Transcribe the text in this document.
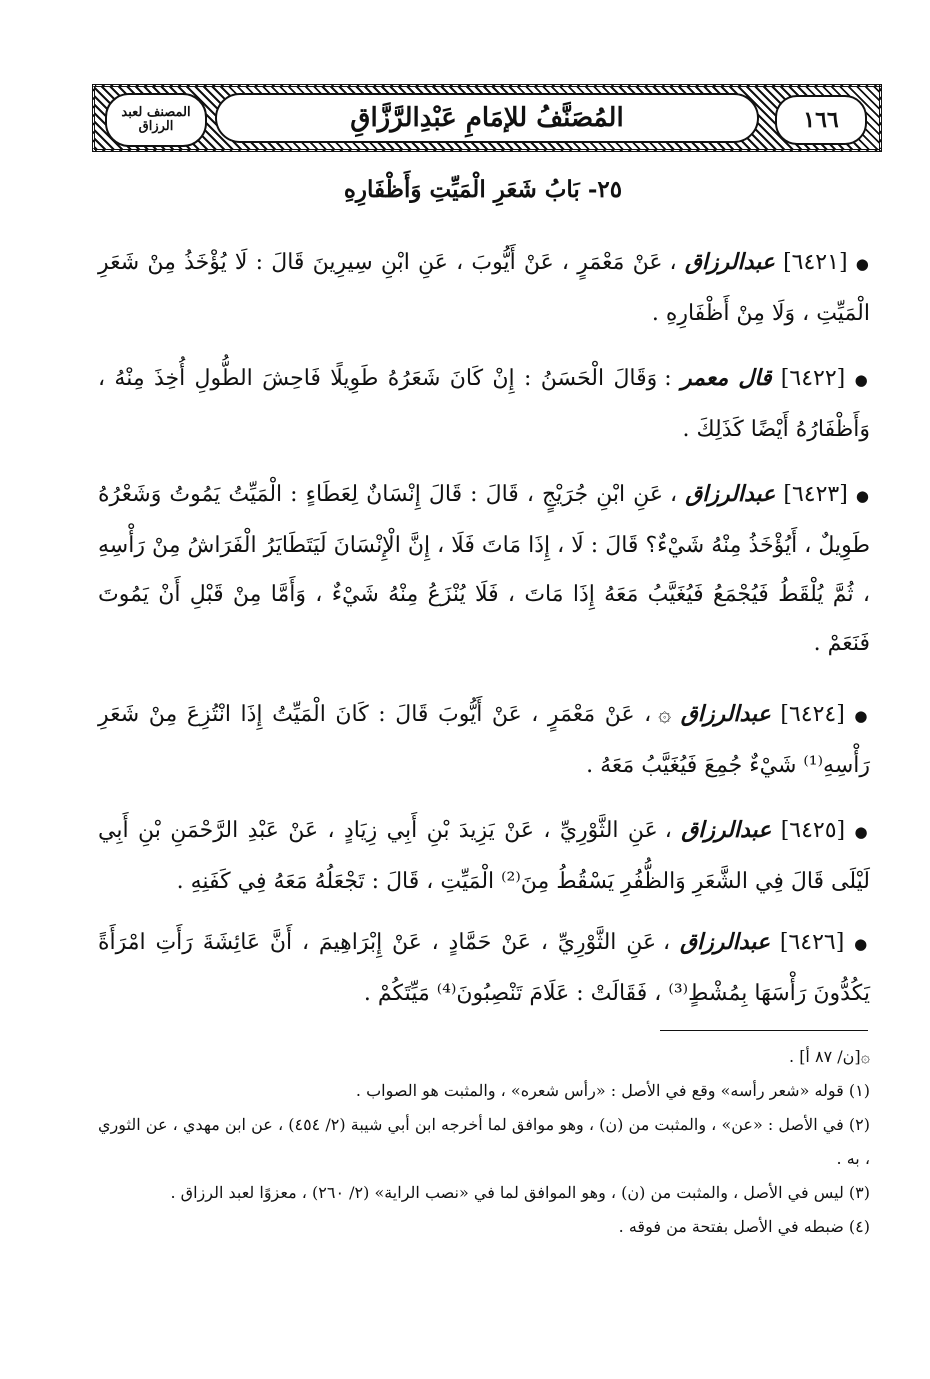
١٦٦
المُصَنَّفُ للإمَامِ عَبْدِالرَّزَّاقِ
المصنف لعبد الرزاق
٢٥- بَابُ شَعَرِ الْمَيِّتِ وَأَظْفَارِهِ
● [٦٤٢١] عبدالرزاق ، عَنْ مَعْمَرٍ ، عَنْ أَيُّوبَ ، عَنِ ابْنِ سِيرِينَ قَالَ : لَا يُؤْخَذُ مِنْ شَعَرِ الْمَيِّتِ ، وَلَا مِنْ أَظْفَارِهِ .
● [٦٤٢٢] قال معمر : وَقَالَ الْحَسَنُ : إِنْ كَانَ شَعَرُهُ طَوِيلًا فَاحِشَ الطُّولِ أُخِذَ مِنْهُ ، وَأَظْفَارُهُ أَيْضًا كَذَلِكَ .
● [٦٤٢٣] عبدالرزاق ، عَنِ ابْنِ جُرَيْجٍ ، قَالَ : قَالَ إِنْسَانٌ لِعَطَاءٍ : الْمَيِّتُ يَمُوتُ وَشَعْرُهُ طَوِيلٌ ، أَيُؤْخَذُ مِنْهُ شَيْءٌ؟ قَالَ : لَا ، إِذَا مَاتَ فَلَا ، إِنَّ الْإِنْسَانَ لَيَتَطَايَرُ الْفَرَاشُ مِنْ رَأْسِهِ ، ثُمَّ يُلْقَطُ فَيُجْمَعُ فَيُغَيَّبُ مَعَهُ إِذَا مَاتَ ، فَلَا يُنْزَعُ مِنْهُ شَيْءٌ ، وَأَمَّا مِنْ قَبْلِ أَنْ يَمُوتَ فَنَعَمْ .
● [٦٤٢٤] عبدالرزاق ۞ ، عَنْ مَعْمَرٍ ، عَنْ أَيُّوبَ قَالَ : كَانَ الْمَيِّتُ إِذَا انْتُزِعَ مِنْ شَعَرِ رَأْسِهِ⁽¹⁾ شَيْءٌ جُمِعَ فَيُغَيَّبُ مَعَهُ .
● [٦٤٢٥] عبدالرزاق ، عَنِ الثَّوْرِيِّ ، عَنْ يَزِيدَ بْنِ أَبِي زِيَادٍ ، عَنْ عَبْدِ الرَّحْمَنِ بْنِ أَبِي لَيْلَى قَالَ فِي الشَّعَرِ وَالظُّفُرِ يَسْقُطُ مِنَ⁽²⁾ الْمَيِّتِ ، قَالَ : تَجْعَلُهُ مَعَهُ فِي كَفَنِهِ .
● [٦٤٢٦] عبدالرزاق ، عَنِ الثَّوْرِيِّ ، عَنْ حَمَّادٍ ، عَنْ إِبْرَاهِيمَ ، أَنَّ عَائِشَةَ رَأَتِ امْرَأَةً يَكُدُّونَ رَأْسَهَا بِمُشْطٍ⁽³⁾ ، فَقَالَتْ : عَلَامَ تَنْصِبُونَ⁽⁴⁾ مَيِّتَكُمْ .

۞[ن/ ٨٧ أ] .

(١) قوله «شعر رأسه» وقع في الأصل : «رأس شعره» ، والمثبت هو الصواب .

(٢) في الأصل : «عن» ، والمثبت من (ن) ، وهو موافق لما أخرجه ابن أبي شيبة (٢/ ٤٥٤) ، عن ابن مهدي ، عن الثوري ، به .

(٣) ليس في الأصل ، والمثبت من (ن) ، وهو الموافق لما في «نصب الراية» (٢/ ٢٦٠) ، معزوًا لعبد الرزاق .

(٤) ضبطه في الأصل بفتحة من فوقه .
